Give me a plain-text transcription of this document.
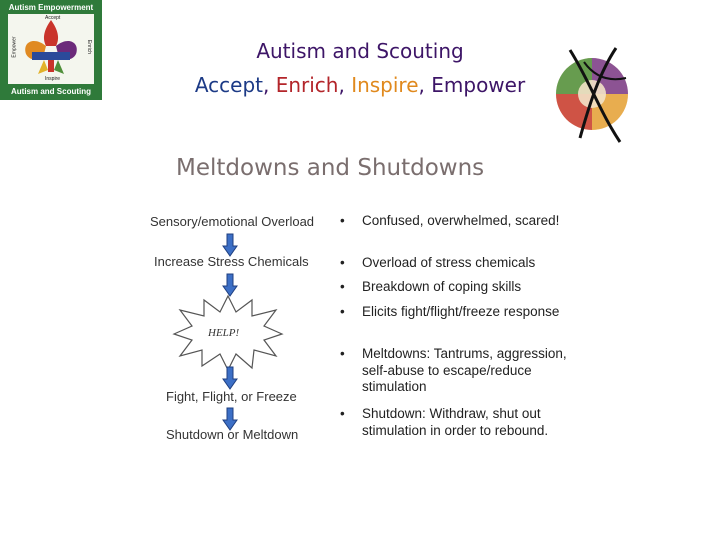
Autism Empowerment
Accept
Empower	Enrich
Inspire
Autism and Scouting
Autism and Scouting
Accept, Enrich, Inspire, Empower
Meltdowns and Shutdowns
Sensory/emotional Overload
Increase Stress Chemicals
HELP!
Fight, Flight, or Freeze
Shutdown or Meltdown
• Confused, overwhelmed, scared!
• Overload of stress chemicals
• Breakdown of coping skills
• Elicits fight/flight/freeze response
• Meltdowns: Tantrums, aggression, self-abuse to escape/reduce stimulation
• Shutdown: Withdraw, shut out stimulation in order to rebound.
